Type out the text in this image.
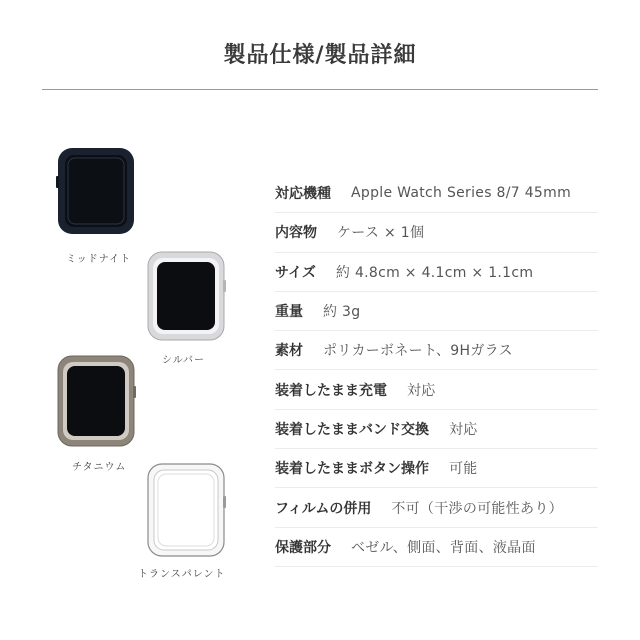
製品仕様/製品詳細
ミッドナイト
シルバー
チタニウム
トランスパレント
対応機種 Apple Watch Series 8/7 45mm
内容物 ケース × 1個
サイズ 約 4.8cm × 4.1cm × 1.1cm
重量 約 3g
素材 ポリカーボネート、9Hガラス
装着したまま充電 対応
装着したままバンド交換 対応
装着したままボタン操作 可能
フィルムの併用 不可（干渉の可能性あり）
保護部分 ベゼル、側面、背面、液晶面
